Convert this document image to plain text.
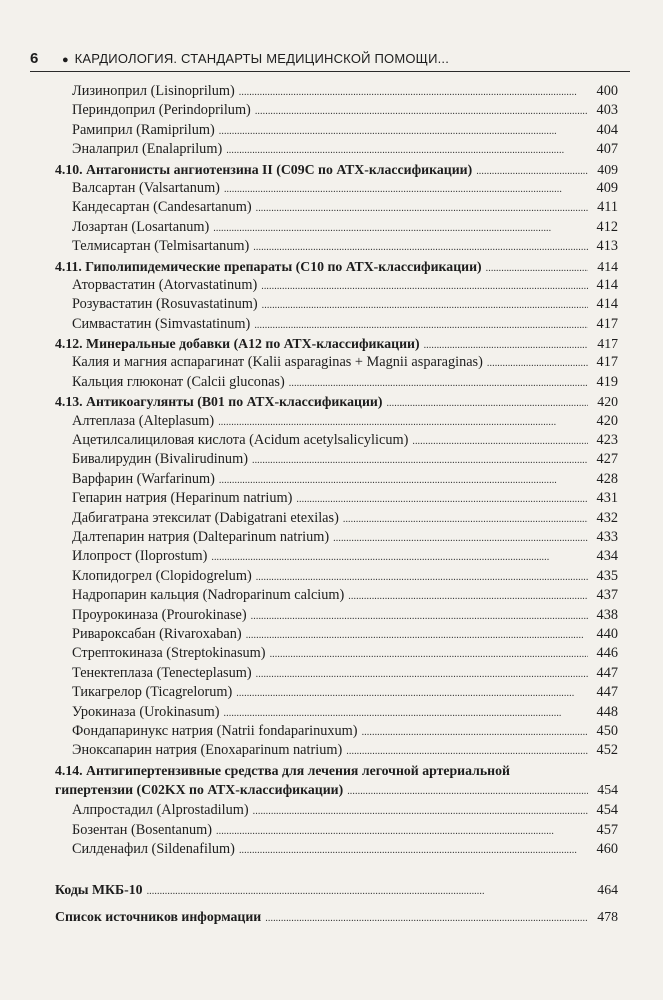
6	● КАРДИОЛОГИЯ. СТАНДАРТЫ МЕДИЦИНСКОЙ ПОМОЩИ...
Лизиноприл (Lisinoprilum) . . .	400
Периндоприл (Perindoprilum) . . .	403
Рамиприл (Ramiprilum) . . .	404
Эналаприл (Enalaprilum) . . .	407
4.10. Антагонисты ангиотензина II (C09C по АТХ-классификации) . . .	409
Валсартан (Valsartanum) . . .	409
Кандесартан (Candesartanum) . . .	411
Лозартан (Losartanum) . . .	412
Телмисартан (Telmisartanum) . . .	413
4.11. Гиполипидемические препараты (C10 по АТХ-классификации) . . .	414
Аторвастатин (Atorvastatinum) . . .	414
Розувастатин (Rosuvastatinum) . . .	414
Симвастатин (Simvastatinum) . . .	417
4.12. Минеральные добавки (A12 по АТХ-классификации) . . .	417
Калия и магния аспарагинат (Kalii asparaginas + Magnii asparaginas) . . .	417
Кальция глюконат (Calcii gluconas) . . .	419
4.13. Антикоагулянты (B01 по АТХ-классификации) . . .	420
Алтеплаза (Alteplasum) . . .	420
Ацетилсалициловая кислота (Acidum acetylsalicylicum) . . .	423
Бивалирудин (Bivalirudinum) . . .	427
Варфарин (Warfarinum) . . .	428
Гепарин натрия (Heparinum natrium) . . .	431
Дабигатрана этексилат (Dabigatrani etexilas) . . .	432
Далтепарин натрия (Dalteparinum natrium) . . .	433
Илопрост (Iloprostum) . . .	434
Клопидогрел (Clopidogrelum) . . .	435
Надропарин кальция (Nadroparinum calcium) . . .	437
Проурокиназа (Prourokinase) . . .	438
Ривароксабан (Rivaroxaban) . . .	440
Стрептокиназа (Streptokinasum) . . .	446
Тенектеплаза (Tenecteplasum) . . .	447
Тикагрелор (Ticagrelorum) . . .	447
Урокиназа (Urokinasum) . . .	448
Фондапаринукс натрия (Natrii fondaparinuxum) . . .	450
Эноксапарин натрия (Enoxaparinum natrium) . . .	452
4.14. Антигипертензивные средства для лечения легочной артериальной
гипертензии (C02KX по АТХ-классификации) . . .	454
Алпростадил (Alprostadilum) . . .	454
Бозентан (Bosentanum) . . .	457
Силденафил (Sildenafilum) . . .	460
Коды МКБ-10 . . .	464
Список источников информации . . .	478
